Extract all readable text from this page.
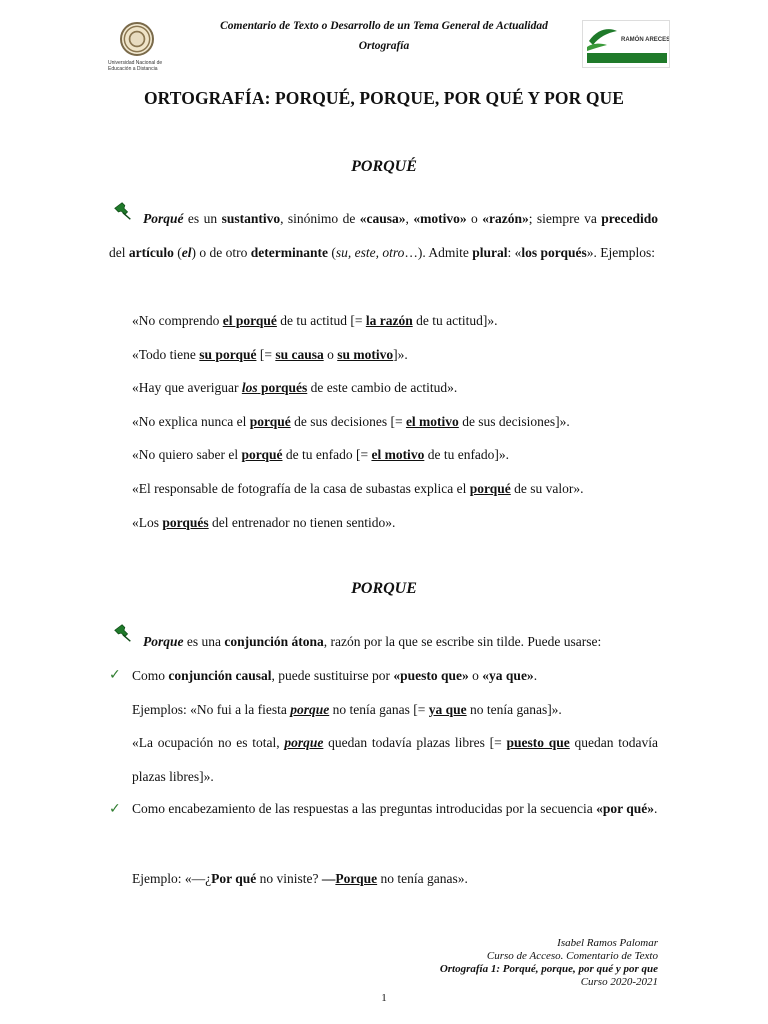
Comentario de Texto o Desarrollo de un Tema General de Actualidad
Ortografía
Universidad Nacional de Educación a Distancia
RAMÓN ARECES
ORTOGRAFÍA: PORQUÉ, PORQUE, POR QUÉ Y POR QUE
PORQUÉ
Porqué es un sustantivo, sinónimo de «causa», «motivo» o «razón»; siempre va precedido del artículo (el) o de otro determinante (su, este, otro…). Admite plural: «los porqués». Ejemplos:
«No comprendo el porqué de tu actitud [= la razón de tu actitud]».
«Todo tiene su porqué [= su causa o su motivo]».
«Hay que averiguar los porqués de este cambio de actitud».
«No explica nunca el porqué de sus decisiones [= el motivo de sus decisiones]».
«No quiero saber el porqué de tu enfado [= el motivo de tu enfado]».
«El responsable de fotografía de la casa de subastas explica el porqué de su valor».
«Los porqués del entrenador no tienen sentido».
PORQUE
Porque es una conjunción átona, razón por la que se escribe sin tilde. Puede usarse:
✓ Como conjunción causal, puede sustituirse por «puesto que» o «ya que».
Ejemplos: «No fui a la fiesta porque no tenía ganas [= ya que no tenía ganas]».
«La ocupación no es total, porque quedan todavía plazas libres [= puesto que quedan todavía plazas libres]».
✓ Como encabezamiento de las respuestas a las preguntas introducidas por la secuencia «por qué».
Ejemplo: «—¿Por qué no viniste? —Porque no tenía ganas».
Isabel Ramos Palomar
Curso de Acceso. Comentario de Texto
Ortografía 1: Porqué, porque, por qué y por que
Curso 2020-2021
1
